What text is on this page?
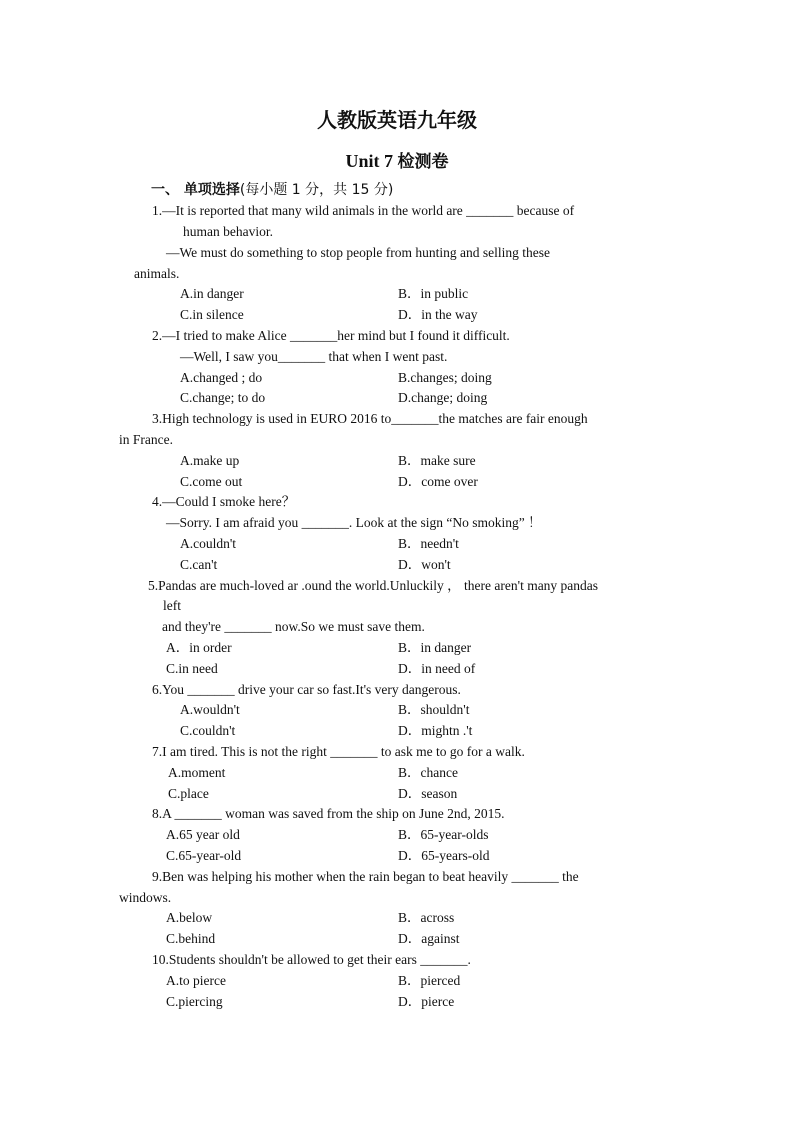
人教版英语九年级
Unit 7 检测卷
一、 单项选择(每小题 1 分，共 15 分)
1.—It is reported that many wild animals in the world are _______ because of
human behavior.
—We must do something to stop people from hunting and selling these
animals.
A.in danger	B．in public
C.in silence	D．in the way
2.—I tried to make Alice _______her mind but I found it difficult.
—Well, I saw you_______ that when I went past.
A.changed ; do	B.changes; doing
C.change; to do	D.change; doing
3.High technology is used in EURO 2016 to_______the matches are fair enough
in France.
A.make up	B．make sure
C.come out	D．come over
4.—Could I smoke here？
—Sorry. I am afraid you _______. Look at the sign “No smoking” ！
A.couldn't	B．needn't
C.can't	D．won't
5.Pandas are much-loved ar .ound the world.Unluckily ， there aren't many pandas
left
and they're _______ now.So we must save them.
A．in order	B．in danger
C.in need	D．in need of
6.You _______ drive your car so fast.It's very dangerous.
A.wouldn't	B．shouldn't
C.couldn't	D．mightn .'t
7.I am tired. This is not the right _______ to ask me to go for a walk.
A.moment	B．chance
C.place	D．season
8.A _______ woman was saved from the ship on June 2nd, 2015.
A.65 year old	B．65-year-olds
C.65-year-old	D．65-years-old
9.Ben was helping his mother when the rain began to beat heavily _______ the
windows.
A.below	B．across
C.behind	D．against
10.Students shouldn't be allowed to get their ears _______.
A.to pierce	B．pierced
C.piercing	D．pierce
